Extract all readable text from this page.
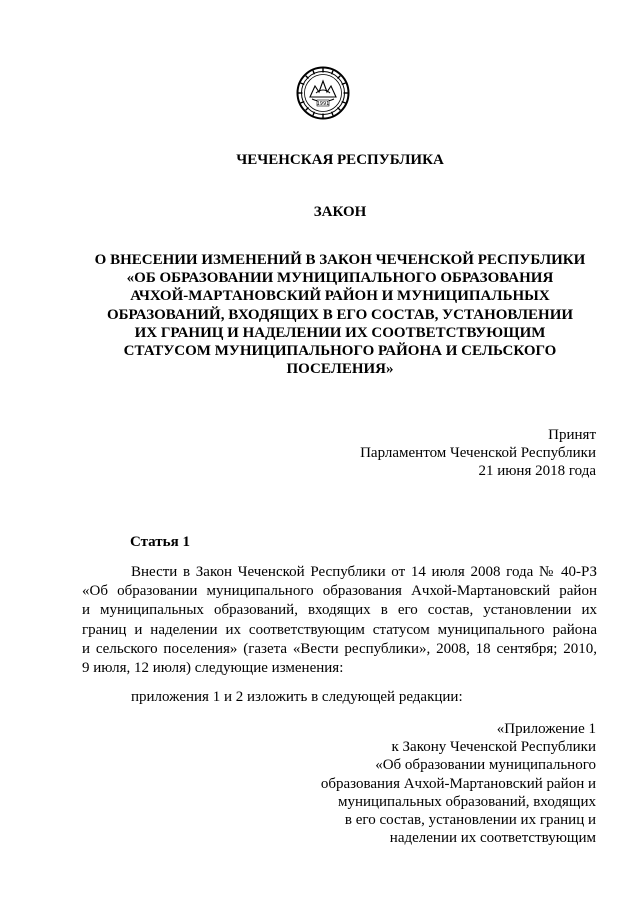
1991
ЧЕЧЕНСКАЯ РЕСПУБЛИКА
ЗАКОН
О ВНЕСЕНИИ ИЗМЕНЕНИЙ В ЗАКОН ЧЕЧЕНСКОЙ РЕСПУБЛИКИ
«ОБ ОБРАЗОВАНИИ МУНИЦИПАЛЬНОГО ОБРАЗОВАНИЯ
АЧХОЙ-МАРТАНОВСКИЙ РАЙОН И МУНИЦИПАЛЬНЫХ
ОБРАЗОВАНИЙ, ВХОДЯЩИХ В ЕГО СОСТАВ, УСТАНОВЛЕНИИ
ИХ ГРАНИЦ И НАДЕЛЕНИИ ИХ СООТВЕТСТВУЮЩИМ
СТАТУСОМ МУНИЦИПАЛЬНОГО РАЙОНА И СЕЛЬСКОГО
ПОСЕЛЕНИЯ»
Принят
Парламентом Чеченской Республики
21 июня 2018 года
Статья 1
Внести в Закон Чеченской Республики от 14 июля 2008 года № 40-РЗ
«Об образовании муниципального образования Ачхой-Мартановский район
и муниципальных образований, входящих в его состав, установлении их
границ и наделении их соответствующим статусом муниципального района
и сельского поселения» (газета «Вести республики», 2008, 18 сентября; 2010,
9 июля, 12 июля) следующие изменения:
приложения 1 и 2 изложить в следующей редакции:
«Приложение 1
к Закону Чеченской Республики
«Об образовании муниципального
образования Ачхой-Мартановский район и
муниципальных образований, входящих
в его состав, установлении их границ и
наделении их соответствующим
